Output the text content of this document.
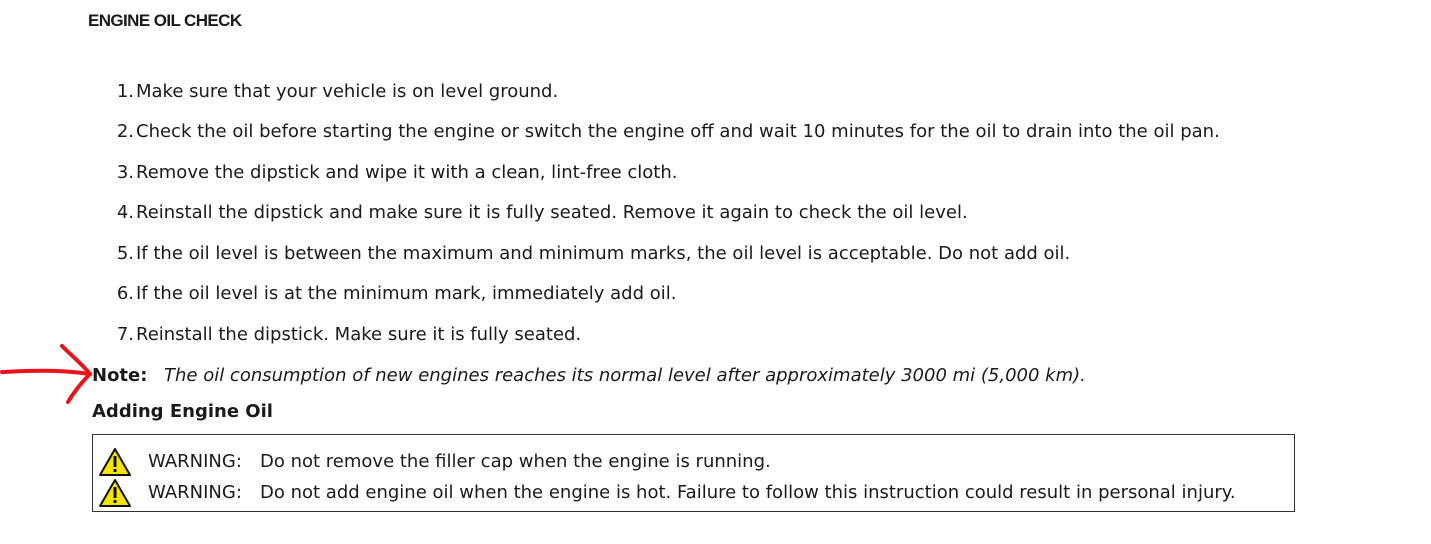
ENGINE OIL CHECK
1. Make sure that your vehicle is on level ground.
2. Check the oil before starting the engine or switch the engine off and wait 10 minutes for the oil to drain into the oil pan.
3. Remove the dipstick and wipe it with a clean, lint-free cloth.
4. Reinstall the dipstick and make sure it is fully seated. Remove it again to check the oil level.
5. If the oil level is between the maximum and minimum marks, the oil level is acceptable. Do not add oil.
6. If the oil level is at the minimum mark, immediately add oil.
7. Reinstall the dipstick. Make sure it is fully seated.
Note: The oil consumption of new engines reaches its normal level after approximately 3000 mi (5,000 km).
Adding Engine Oil
WARNING: Do not remove the filler cap when the engine is running.
WARNING: Do not add engine oil when the engine is hot. Failure to follow this instruction could result in personal injury.
